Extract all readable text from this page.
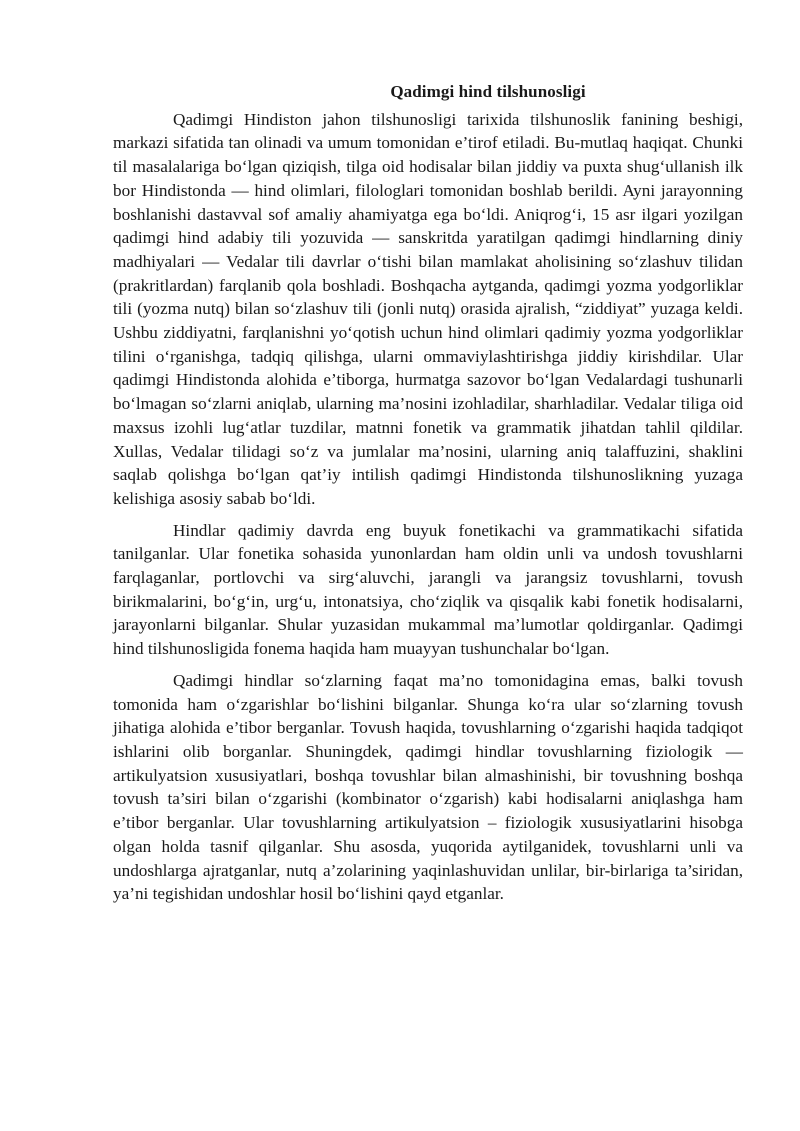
Qadimgi hind tilshunosligi

Qadimgi Hindiston jahon tilshunosligi tarixida tilshunoslik fanining beshigi, markazi sifatida tan olinadi va umum tomonidan e’tirof etiladi. Bu-mutlaq haqiqat. Chunki til masalalariga bo‘lgan qiziqish, tilga oid hodisalar bilan jiddiy va puxta shug‘ullanish ilk bor Hindistonda — hind olimlari, filologlari tomonidan boshlab berildi. Ayni jarayonning boshlanishi dastavval sof amaliy ahamiyatga ega bo‘ldi. Aniqrog‘i, 15 asr ilgari yozilgan qadimgi hind adabiy tili yozuvida — sanskritda yaratilgan qadimgi hindlarning diniy madhiyalari — Vedalar tili davrlar o‘tishi bilan mamlakat aholisining so‘zlashuv tilidan (prakritlardan) farqlanib qola boshladi. Boshqacha aytganda, qadimgi yozma yodgorliklar tili (yozma nutq) bilan so‘zlashuv tili (jonli nutq) orasida ajralish, “ziddiyat” yuzaga keldi. Ushbu ziddiyatni, farqlanishni yo‘qotish uchun hind olimlari qadimiy yozma yodgorliklar tilini o‘rganishga, tadqiq qilishga, ularni ommaviylashtirishga jiddiy kirishdilar. Ular qadimgi Hindistonda alohida e’tiborga, hurmatga sazovor bo‘lgan Vedalardagi tushunarli bo‘lmagan so‘zlarni aniqlab, ularning ma’nosini izohladilar, sharhladilar. Vedalar tiliga oid maxsus izohli lug‘atlar tuzdilar, matnni fonetik va grammatik jihatdan tahlil qildilar. Xullas, Vedalar tilidagi so‘z va jumlalar ma’nosini, ularning aniq talaffuzini, shaklini saqlab qolishga bo‘lgan qat’iy intilish qadimgi Hindistonda tilshunoslikning yuzaga kelishiga asosiy sabab bo‘ldi.

Hindlar qadimiy davrda eng buyuk fonetikachi va grammatikachi sifatida tanilganlar. Ular fonetika sohasida yunonlardan ham oldin unli va undosh tovushlarni farqlaganlar, portlovchi va sirg‘aluvchi, jarangli va jarangsiz tovushlarni, tovush birikmalarini, bo‘g‘in, urg‘u, intonatsiya, cho‘ziqlik va qisqalik kabi fonetik hodisalarni, jarayonlarni bilganlar. Shular yuzasidan mukammal ma’lumotlar qoldirganlar. Qadimgi hind tilshunosligida fonema haqida ham muayyan tushunchalar bo‘lgan.

Qadimgi hindlar so‘zlarning faqat ma’no tomonidagina emas, balki tovush tomonida ham o‘zgarishlar bo‘lishini bilganlar. Shunga ko‘ra ular so‘zlarning tovush jihatiga alohida e’tibor berganlar. Tovush haqida, tovushlarning o‘zgarishi haqida tadqiqot ishlarini olib borganlar. Shuningdek, qadimgi hindlar tovushlarning fiziologik — artikulyatsion xususiyatlari, boshqa tovushlar bilan almashinishi, bir tovushning boshqa tovush ta’siri bilan o‘zgarishi (kombinator o‘zgarish) kabi hodisalarni aniqlashga ham e’tibor berganlar. Ular tovushlarning artikulyatsion – fiziologik xususiyatlarini hisobga olgan holda tasnif qilganlar. Shu asosda, yuqorida aytilganidek, tovushlarni unli va undoshlarga ajratganlar, nutq a’zolarining yaqinlashuvidan unlilar, bir-birlariga ta’siridan, ya’ni tegishidan undoshlar hosil bo‘lishini qayd etganlar.
